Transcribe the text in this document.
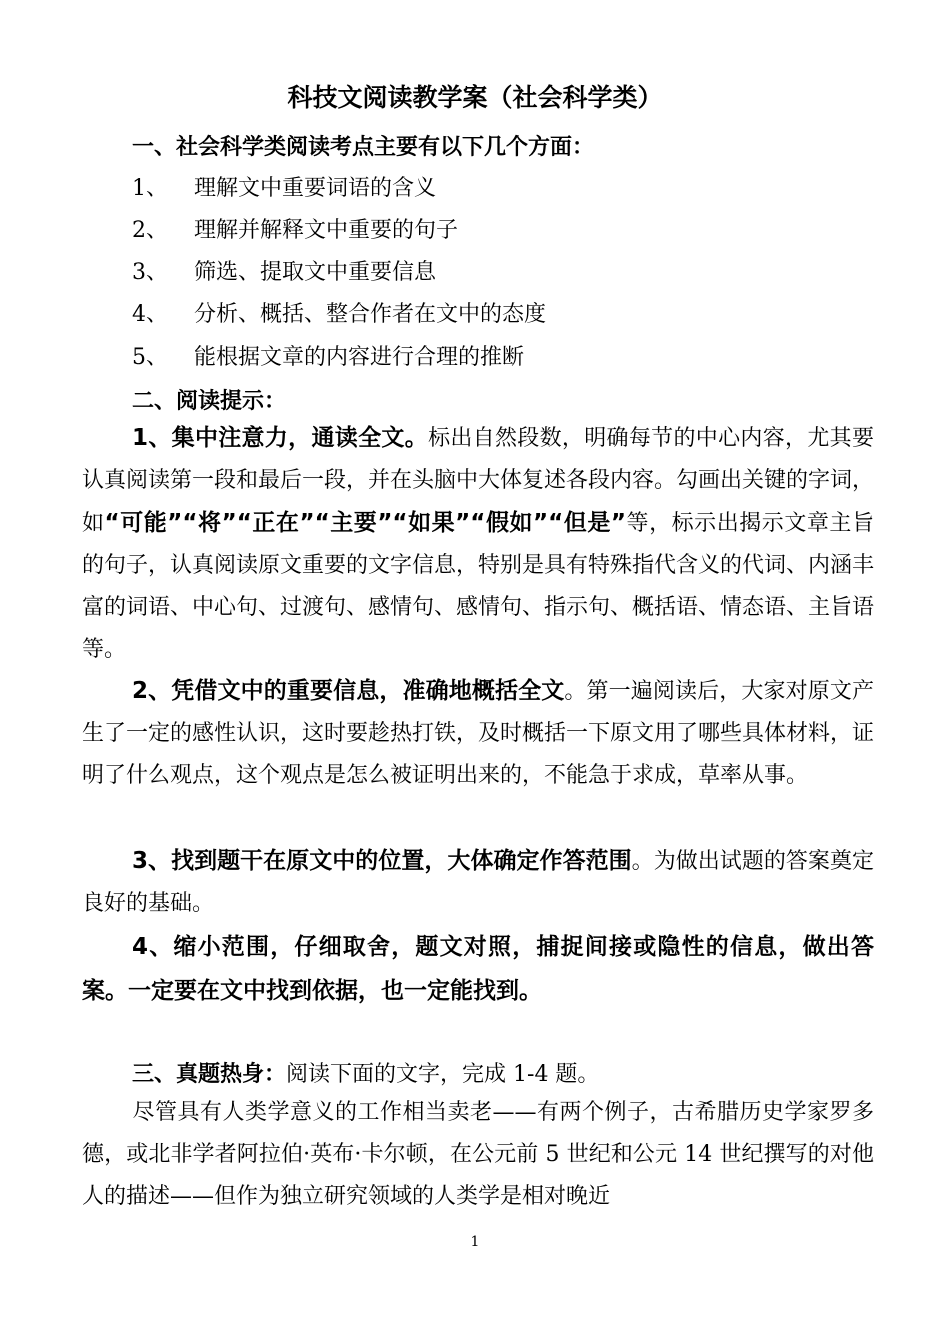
科技文阅读教学案（社会科学类）
一、社会科学类阅读考点主要有以下几个方面：
1、 理解文中重要词语的含义
2、 理解并解释文中重要的句子
3、 筛选、提取文中重要信息
4、 分析、概括、整合作者在文中的态度
5、 能根据文章的内容进行合理的推断
二、阅读提示：
1、集中注意力，通读全文。标出自然段数，明确每节的中心内容，尤其要认真阅读第一段和最后一段，并在头脑中大体复述各段内容。勾画出关键的字词，如“可能”“将”“正在”“主要”“如果”“假如”“但是”等，标示出揭示文章主旨的句子，认真阅读原文重要的文字信息，特别是具有特殊指代含义的代词、内涵丰富的词语、中心句、过渡句、感情句、感情句、指示句、概括语、情态语、主旨语等。
2、凭借文中的重要信息，准确地概括全文。第一遍阅读后，大家对原文产生了一定的感性认识，这时要趁热打铁，及时概括一下原文用了哪些具体材料，证明了什么观点，这个观点是怎么被证明出来的，不能急于求成，草率从事。
3、找到题干在原文中的位置，大体确定作答范围。为做出试题的答案奠定良好的基础。
4、缩小范围，仔细取舍，题文对照，捕捉间接或隐性的信息，做出答案。一定要在文中找到依据，也一定能找到。
三、真题热身：阅读下面的文字，完成 1-4 题。
尽管具有人类学意义的工作相当卖老——有两个例子，古希腊历史学家罗多德，或北非学者阿拉伯·英布·卡尔顿，在公元前 5 世纪和公元 14 世纪撰写的对他人的描述——但作为独立研究领域的人类学是相对晚近
1
